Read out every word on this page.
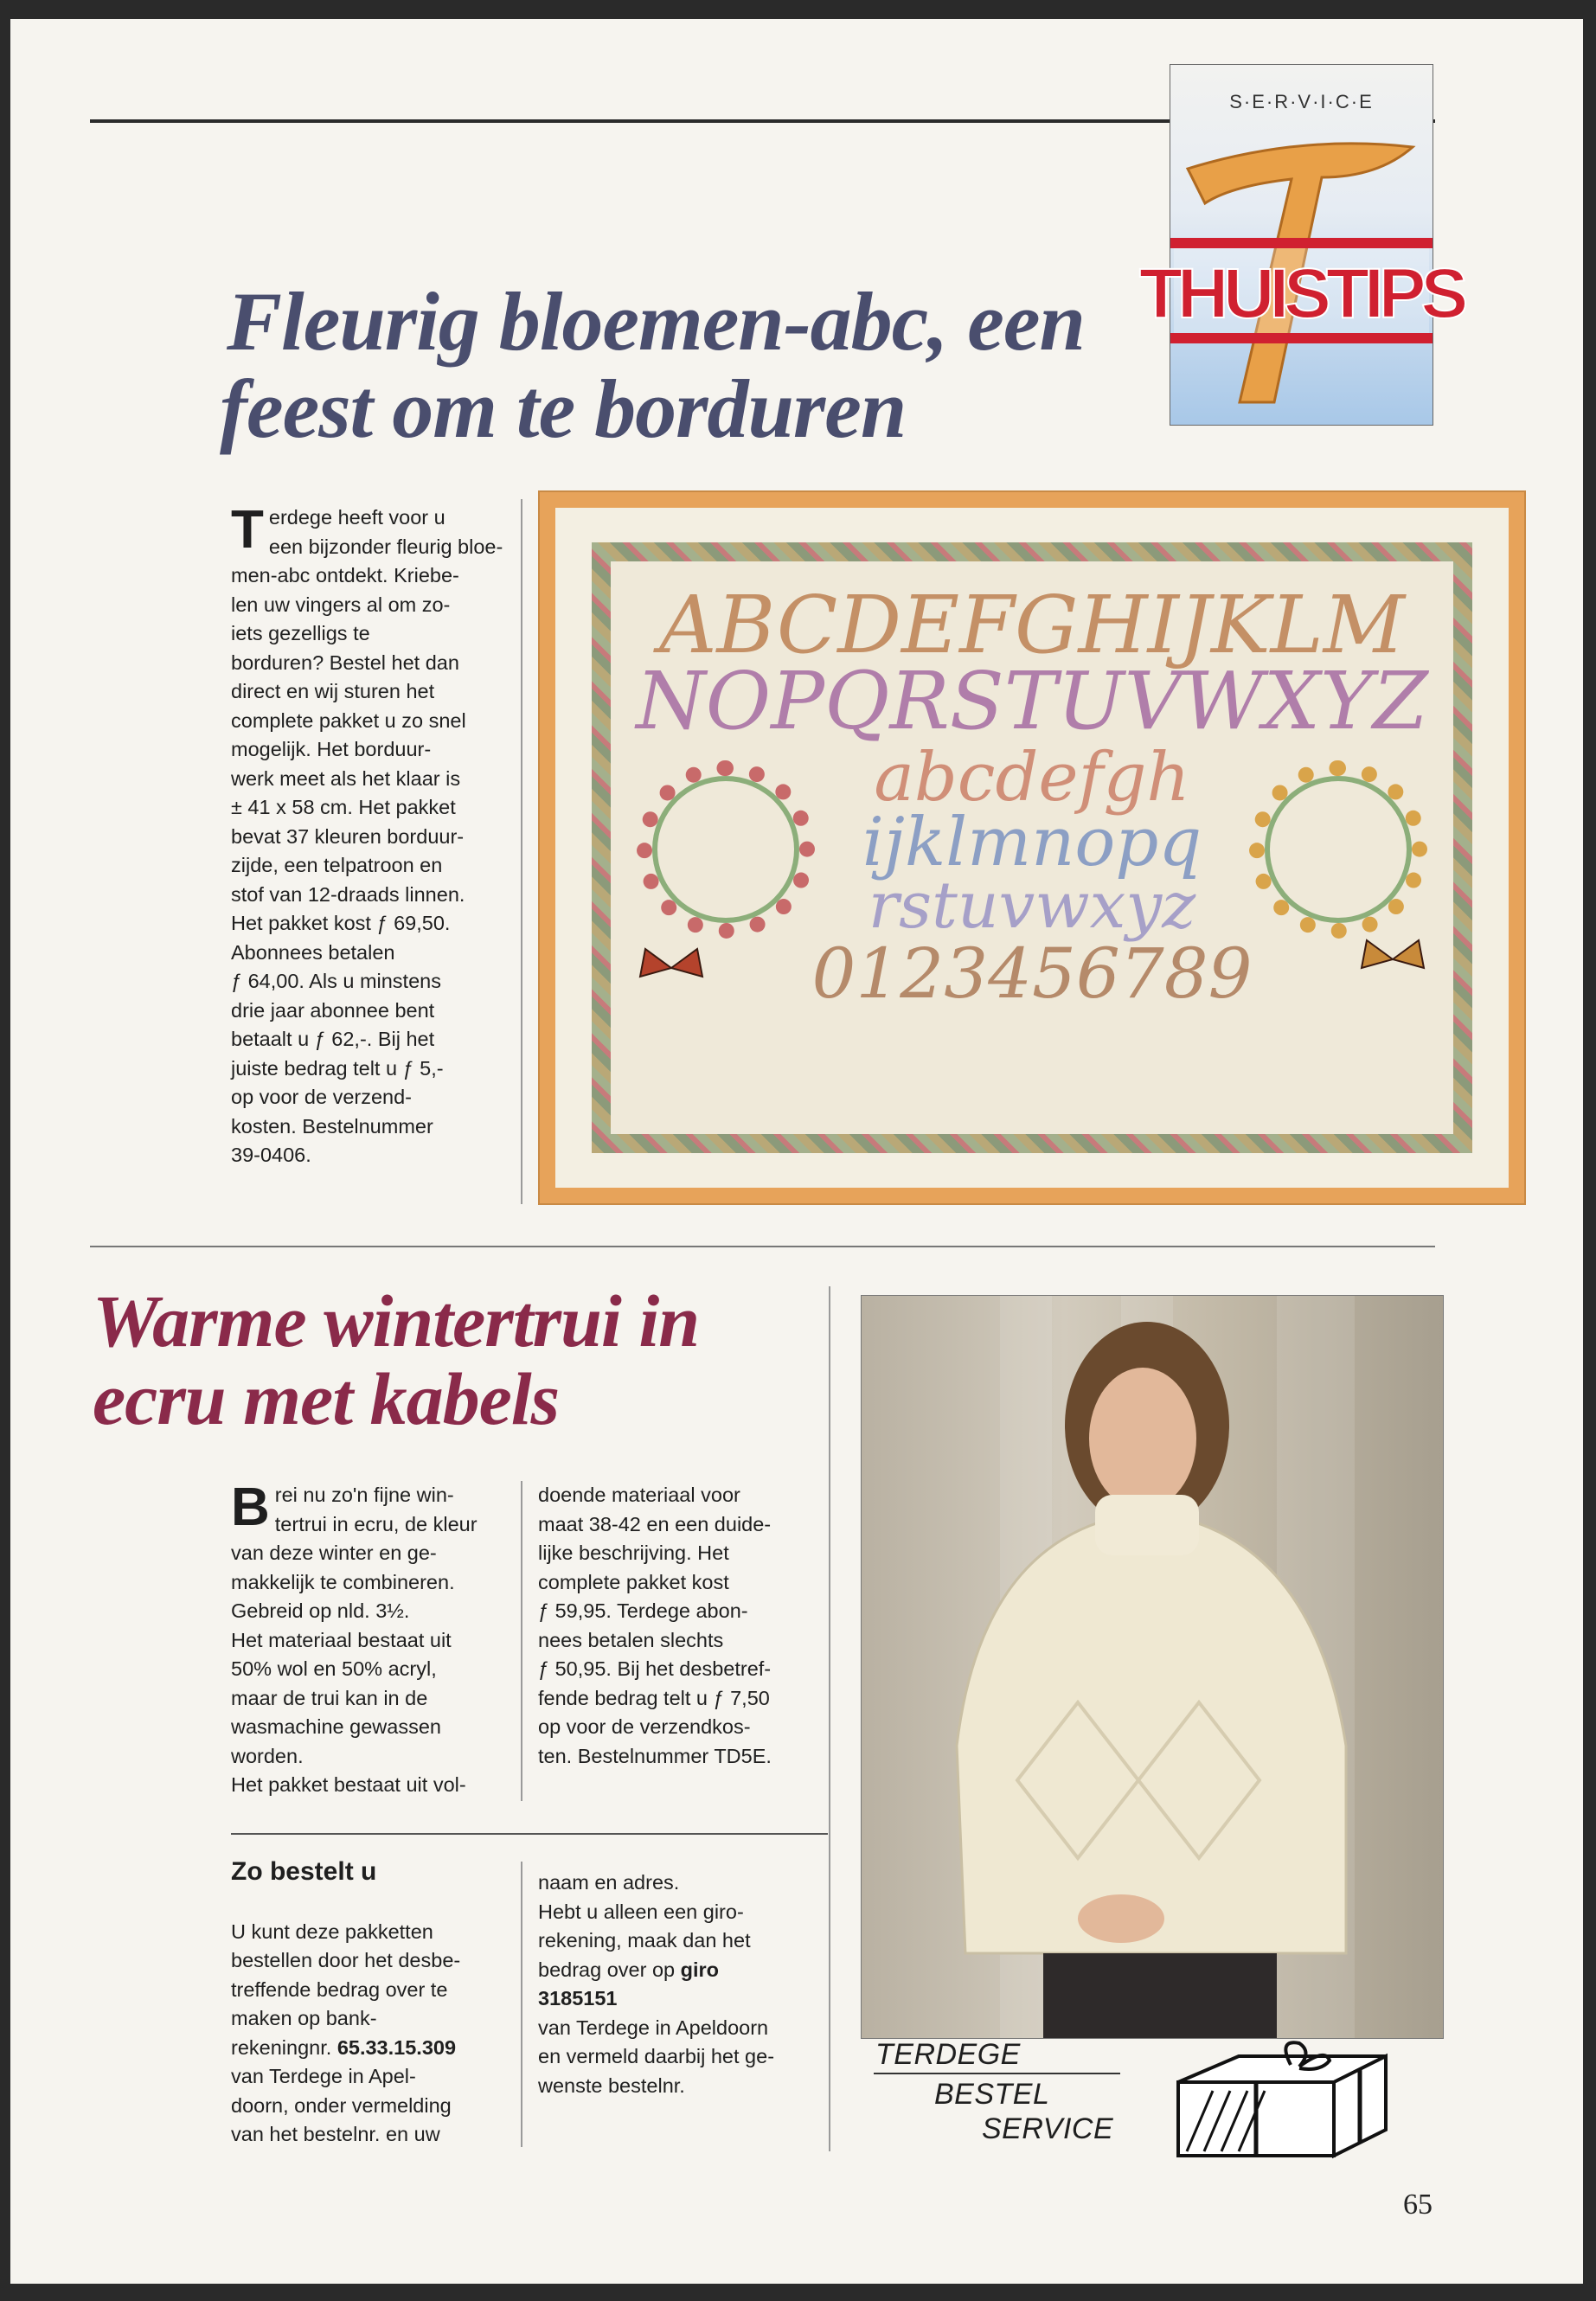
S·E·R·V·I·C·E
THUISTIPS
Fleurig bloemen-abc, een
feest om te borduren
T erdege heeft voor u
een bijzonder fleurig bloe-
men-abc ontdekt. Kriebe-
len uw vingers al om zo-
iets gezelligs te
borduren? Bestel het dan
direct en wij sturen het
complete pakket u zo snel
mogelijk. Het borduur-
werk meet als het klaar is
± 41 x 58 cm. Het pakket
bevat 37 kleuren borduur-
zijde, een telpatroon en
stof van 12-draads linnen.
Het pakket kost ƒ 69,50.
Abonnees betalen
ƒ 64,00. Als u minstens
drie jaar abonnee bent
betaalt u ƒ 62,-. Bij het
juiste bedrag telt u ƒ 5,-
op voor de verzend-
kosten. Bestelnummer
39-0406.
ABCDEFGHIJKLM
NOPQRSTUVWXYZ
abcdefgh
ijklmnopq
rstuvwxyz
0123456789
Warme wintertrui in
ecru met kabels
B rei nu zo'n fijne win-
tertrui in ecru, de kleur
van deze winter en ge-
makkelijk te combineren.
Gebreid op nld. 3½.
Het materiaal bestaat uit
50% wol en 50% acryl,
maar de trui kan in de
wasmachine gewassen
worden.
Het pakket bestaat uit vol-
doende materiaal voor
maat 38-42 en een duide-
lijke beschrijving. Het
complete pakket kost
ƒ 59,95. Terdege abon-
nees betalen slechts
ƒ 50,95. Bij het desbetref-
fende bedrag telt u ƒ 7,50
op voor de verzendkos-
ten. Bestelnummer TD5E.
Zo bestelt u
U kunt deze pakketten
bestellen door het desbe-
treffende bedrag over te
maken op bank-
rekeningnr. 65.33.15.309
van Terdege in Apel-
doorn, onder vermelding
van het bestelnr. en uw
naam en adres.
Hebt u alleen een giro-
rekening, maak dan het
bedrag over op giro
3185151
van Terdege in Apeldoorn
en vermeld daarbij het ge-
wenste bestelnr.
TERDEGE
BESTEL
SERVICE
65
